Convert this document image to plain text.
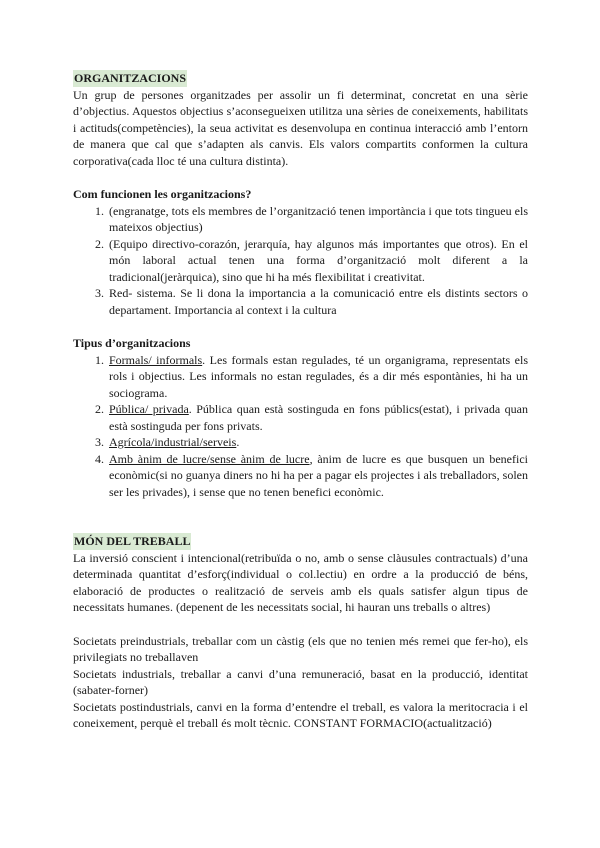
ORGANITZACIONS

Un grup de persones organitzades per assolir un fi determinat, concretat en una sèrie d’objectius. Aquestos objectius s’aconsegueixen utilitza una sèries de coneixements, habilitats i actituds(competències), la seua activitat es desenvolupa en continua interacció amb l’entorn de manera que cal que s’adapten als canvis. Els valors compartits conformen la cultura corporativa(cada lloc té una cultura distinta).

Com funcionen les organitzacions?

1. (engranatge, tots els membres de l’organització tenen importància i que tots tingueu els mateixos objectius)
2. (Equipo directivo-corazón, jerarquía, hay algunos más importantes que otros). En el món laboral actual tenen una forma d’organització molt diferent a la tradicional(jeràrquica), sino que hi ha més flexibilitat i creativitat.
3. Red- sistema. Se li dona la importancia a la comunicació entre els distints sectors o departament. Importancia al context i la cultura

Tipus d’organitzacions

1. Formals/ informals. Les formals estan regulades, té un organigrama, representats els rols i objectius. Les informals no estan regulades, és a dir més espontànies, hi ha un sociograma.
2. Pública/ privada. Pública quan està sostinguda en fons públics(estat), i privada quan està sostinguda per fons privats.
3. Agrícola/industrial/serveis.
4. Amb ànim de lucre/sense ànim de lucre, ànim de lucre es que busquen un benefici econòmic(si no guanya diners no hi ha per a pagar els projectes i als treballadors, solen ser les privades), i sense que no tenen benefici econòmic.
MÓN DEL TREBALL

La inversió conscient i intencional(retribuïda o no, amb o sense clàusules contractuals) d’una determinada quantitat d’esforç(individual o col.lectiu) en ordre a la producció de béns, elaboració de productes o realització de serveis amb els quals satisfer algun tipus de necessitats humanes. (depenent de les necessitats social, hi hauran uns treballs o altres)

Societats preindustrials, treballar com un càstig (els que no tenien més remei que fer-ho), els privilegiats no treballaven

Societats industrials, treballar a canvi d’una remuneració, basat en la producció, identitat (sabater-forner)

Societats postindustrials, canvi en la forma d’entendre el treball, es valora la meritocracia i el coneixement, perquè el treball és molt tècnic. CONSTANT FORMACIO(actualització)
